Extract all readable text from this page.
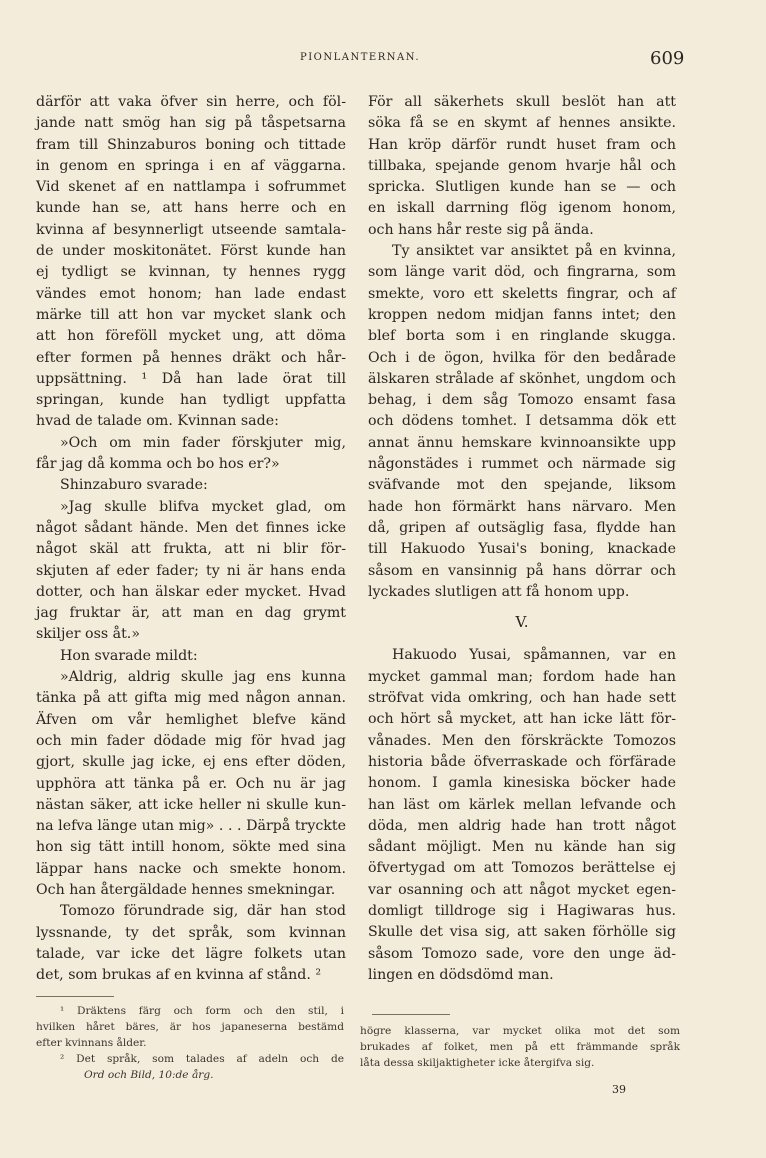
PIONLANTERNAN.	609
därför att vaka öfver sin herre, och föl-
jande natt smög han sig på tåspetsarna
fram till Shinzaburos boning och tittade
in genom en springa i en af väggarna.
Vid skenet af en nattlampa i sofrummet
kunde han se, att hans herre och en
kvinna af besynnerligt utseende samtala-
de under moskitonätet. Först kunde han
ej tydligt se kvinnan, ty hennes rygg
vändes emot honom; han lade endast
märke till att hon var mycket slank och
att hon föreföll mycket ung, att döma
efter formen på hennes dräkt och hår-
uppsättning. ¹ Då han lade örat till
springan, kunde han tydligt uppfatta
hvad de talade om. Kvinnan sade:
»Och om min fader förskjuter mig,
får jag då komma och bo hos er?»
Shinzaburo svarade:
»Jag skulle blifva mycket glad, om
något sådant hände. Men det finnes icke
något skäl att frukta, att ni blir för-
skjuten af eder fader; ty ni är hans enda
dotter, och han älskar eder mycket. Hvad
jag fruktar är, att man en dag grymt
skiljer oss åt.»
Hon svarade mildt:
»Aldrig, aldrig skulle jag ens kunna
tänka på att gifta mig med någon annan.
Äfven om vår hemlighet blefve känd
och min fader dödade mig för hvad jag
gjort, skulle jag icke, ej ens efter döden,
upphöra att tänka på er. Och nu är jag
nästan säker, att icke heller ni skulle kun-
na lefva länge utan mig» . . . Därpå tryckte
hon sig tätt intill honom, sökte med sina
läppar hans nacke och smekte honom.
Och han återgäldade hennes smekningar.
Tomozo förundrade sig, där han stod
lyssnande, ty det språk, som kvinnan
talade, var icke det lägre folkets utan
det, som brukas af en kvinna af stånd. ²
För all säkerhets skull beslöt han att
söka få se en skymt af hennes ansikte.
Han kröp därför rundt huset fram och
tillbaka, spejande genom hvarje hål och
spricka. Slutligen kunde han se — och
en iskall darrning flög igenom honom,
och hans hår reste sig på ända.
Ty ansiktet var ansiktet på en kvinna,
som länge varit död, och fingrarna, som
smekte, voro ett skeletts fingrar, och af
kroppen nedom midjan fanns intet; den
blef borta som i en ringlande skugga.
Och i de ögon, hvilka för den bedårade
älskaren strålade af skönhet, ungdom och
behag, i dem såg Tomozo ensamt fasa
och dödens tomhet. I detsamma dök ett
annat ännu hemskare kvinnoansikte upp
någonstädes i rummet och närmade sig
sväfvande mot den spejande, liksom
hade hon förmärkt hans närvaro. Men
då, gripen af outsäglig fasa, flydde han
till Hakuodo Yusai's boning, knackade
såsom en vansinnig på hans dörrar och
lyckades slutligen att få honom upp.
V.
Hakuodo Yusai, spåmannen, var en
mycket gammal man; fordom hade han
ströfvat vida omkring, och han hade sett
och hört så mycket, att han icke lätt för-
vånades. Men den förskräckte Tomozos
historia både öfverraskade och förfärade
honom. I gamla kinesiska böcker hade
han läst om kärlek mellan lefvande och
döda, men aldrig hade han trott något
sådant möjligt. Men nu kände han sig
öfvertygad om att Tomozos berättelse ej
var osanning och att något mycket egen-
domligt tilldroge sig i Hagiwaras hus.
Skulle det visa sig, att saken förhölle sig
såsom Tomozo sade, vore den unge äd-
lingen en dödsdömd man.
¹ Dräktens färg och form och den stil, i
hvilken håret bäres, är hos japaneserna bestämd
efter kvinnans ålder.
² Det språk, som talades af adeln och de
Ord och Bild, 10:de årg.
högre klasserna, var mycket olika mot det som
brukades af folket, men på ett främmande språk
låta dessa skiljaktigheter icke återgifva sig.
39
